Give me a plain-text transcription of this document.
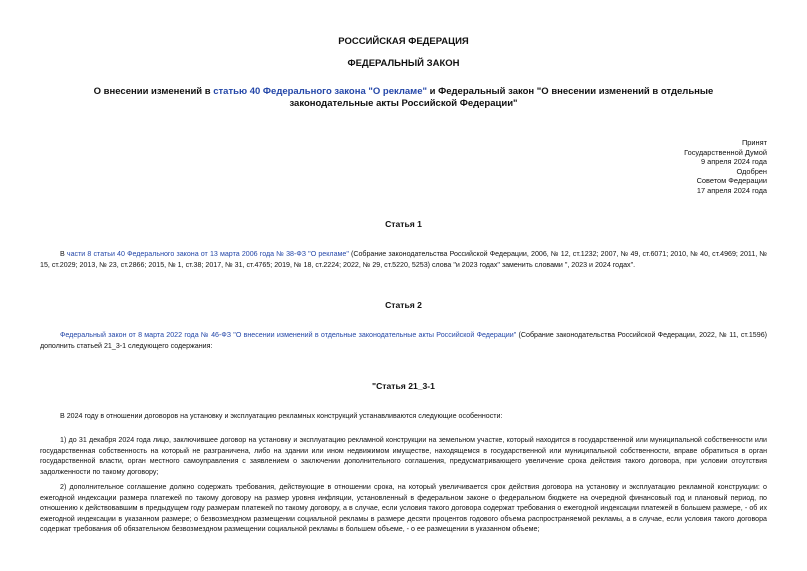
РОССИЙСКАЯ ФЕДЕРАЦИЯ
ФЕДЕРАЛЬНЫЙ ЗАКОН
О внесении изменений в статью 40 Федерального закона "О рекламе" и Федеральный закон "О внесении изменений в отдельные законодательные акты Российской Федерации"
Принят
Государственной Думой
9 апреля 2024 года
Одобрен
Советом Федерации
17 апреля 2024 года
Статья 1
В части 8 статьи 40 Федерального закона от 13 марта 2006 года № 38-ФЗ "О рекламе" (Собрание законодательства Российской Федерации, 2006, № 12, ст.1232; 2007, № 49, ст.6071; 2010, № 40, ст.4969; 2011, № 15, ст.2029; 2013, № 23, ст.2866; 2015, № 1, ст.38; 2017, № 31, ст.4765; 2019, № 18, ст.2224; 2022, № 29, ст.5220, 5253) слова "и 2023 годах" заменить словами ", 2023 и 2024 годах".
Статья 2
Федеральный закон от 8 марта 2022 года № 46-ФЗ "О внесении изменений в отдельные законодательные акты Российской Федерации" (Собрание законодательства Российской Федерации, 2022, № 11, ст.1596) дополнить статьей 21_3-1 следующего содержания:
"Статья 21_3-1
В 2024 году в отношении договоров на установку и эксплуатацию рекламных конструкций устанавливаются следующие особенности:
1) до 31 декабря 2024 года лицо, заключившее договор на установку и эксплуатацию рекламной конструкции на земельном участке, который находится в государственной или муниципальной собственности или государственная собственность на который не разграничена, либо на здании или ином недвижимом имуществе, находящемся в государственной или муниципальной собственности, вправе обратиться в орган государственной власти, орган местного самоуправления с заявлением о заключении дополнительного соглашения, предусматривающего увеличение срока действия такого договора, при условии отсутствия задолженности по такому договору;
2) дополнительное соглашение должно содержать требования, действующие в отношении срока, на который увеличивается срок действия договора на установку и эксплуатацию рекламной конструкции: о ежегодной индексации размера платежей по такому договору на размер уровня инфляции, установленный в федеральном законе о федеральном бюджете на очередной финансовый год и плановый период, по отношению к действовавшим в предыдущем году размерам платежей по такому договору, а в случае, если условия такого договора содержат требования о ежегодной индексации платежей в большем размере, - об их ежегодной индексации в указанном размере; о безвозмездном размещении социальной рекламы в размере десяти процентов годового объема распространяемой рекламы, а в случае, если условия такого договора содержат требования об обязательном безвозмездном размещении социальной рекламы в большем объеме, - о ее размещении в указанном объеме;
